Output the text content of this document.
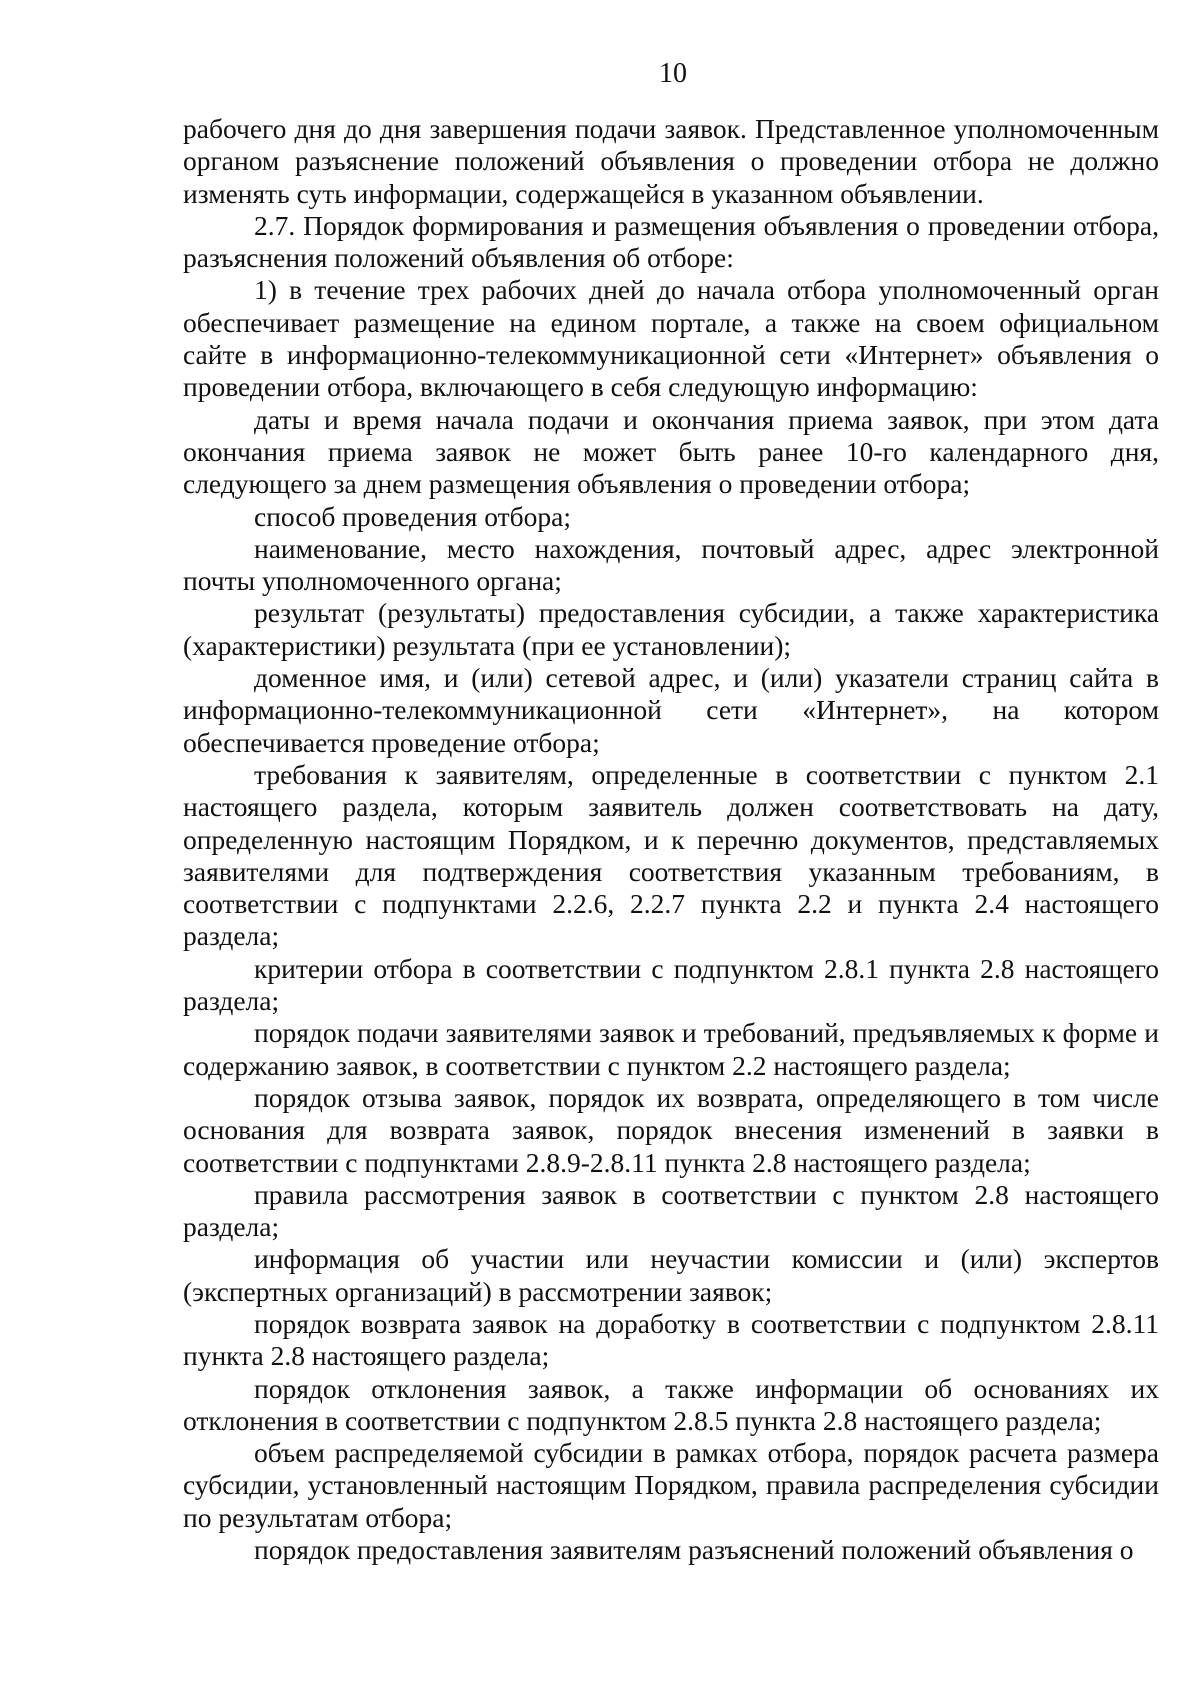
10

рабочего дня до дня завершения подачи заявок. Представленное уполномоченным органом разъяснение положений объявления о проведении отбора не должно изменять суть информации, содержащейся в указанном объявлении.

2.7. Порядок формирования и размещения объявления о проведении отбора, разъяснения положений объявления об отборе:

1) в течение трех рабочих дней до начала отбора уполномоченный орган обеспечивает размещение на едином портале, а также на своем официальном сайте в информационно-телекоммуникационной сети «Интернет» объявления о проведении отбора, включающего в себя следующую информацию:

даты и время начала подачи и окончания приема заявок, при этом дата окончания приема заявок не может быть ранее 10-го календарного дня, следующего за днем размещения объявления о проведении отбора;

способ проведения отбора;

наименование, место нахождения, почтовый адрес, адрес электронной почты уполномоченного органа;

результат (результаты) предоставления субсидии, а также характеристика (характеристики) результата (при ее установлении);

доменное имя, и (или) сетевой адрес, и (или) указатели страниц сайта в информационно-телекоммуникационной сети «Интернет», на котором обеспечивается проведение отбора;

требования к заявителям, определенные в соответствии с пунктом 2.1 настоящего раздела, которым заявитель должен соответствовать на дату, определенную настоящим Порядком, и к перечню документов, представляемых заявителями для подтверждения соответствия указанным требованиям, в соответствии с подпунктами 2.2.6, 2.2.7 пункта 2.2 и пункта 2.4 настоящего раздела;

критерии отбора в соответствии с подпунктом 2.8.1 пункта 2.8 настоящего раздела;

порядок подачи заявителями заявок и требований, предъявляемых к форме и содержанию заявок, в соответствии с пунктом 2.2 настоящего раздела;

порядок отзыва заявок, порядок их возврата, определяющего в том числе основания для возврата заявок, порядок внесения изменений в заявки в соответствии с подпунктами 2.8.9-2.8.11 пункта 2.8 настоящего раздела;

правила рассмотрения заявок в соответствии с пунктом 2.8 настоящего раздела;

информация об участии или неучастии комиссии и (или) экспертов (экспертных организаций) в рассмотрении заявок;

порядок возврата заявок на доработку в соответствии с подпунктом 2.8.11 пункта 2.8 настоящего раздела;

порядок отклонения заявок, а также информации об основаниях их отклонения в соответствии с подпунктом 2.8.5 пункта 2.8 настоящего раздела;

объем распределяемой субсидии в рамках отбора, порядок расчета размера субсидии, установленный настоящим Порядком, правила распределения субсидии по результатам отбора;

порядок предоставления заявителям разъяснений положений объявления о
